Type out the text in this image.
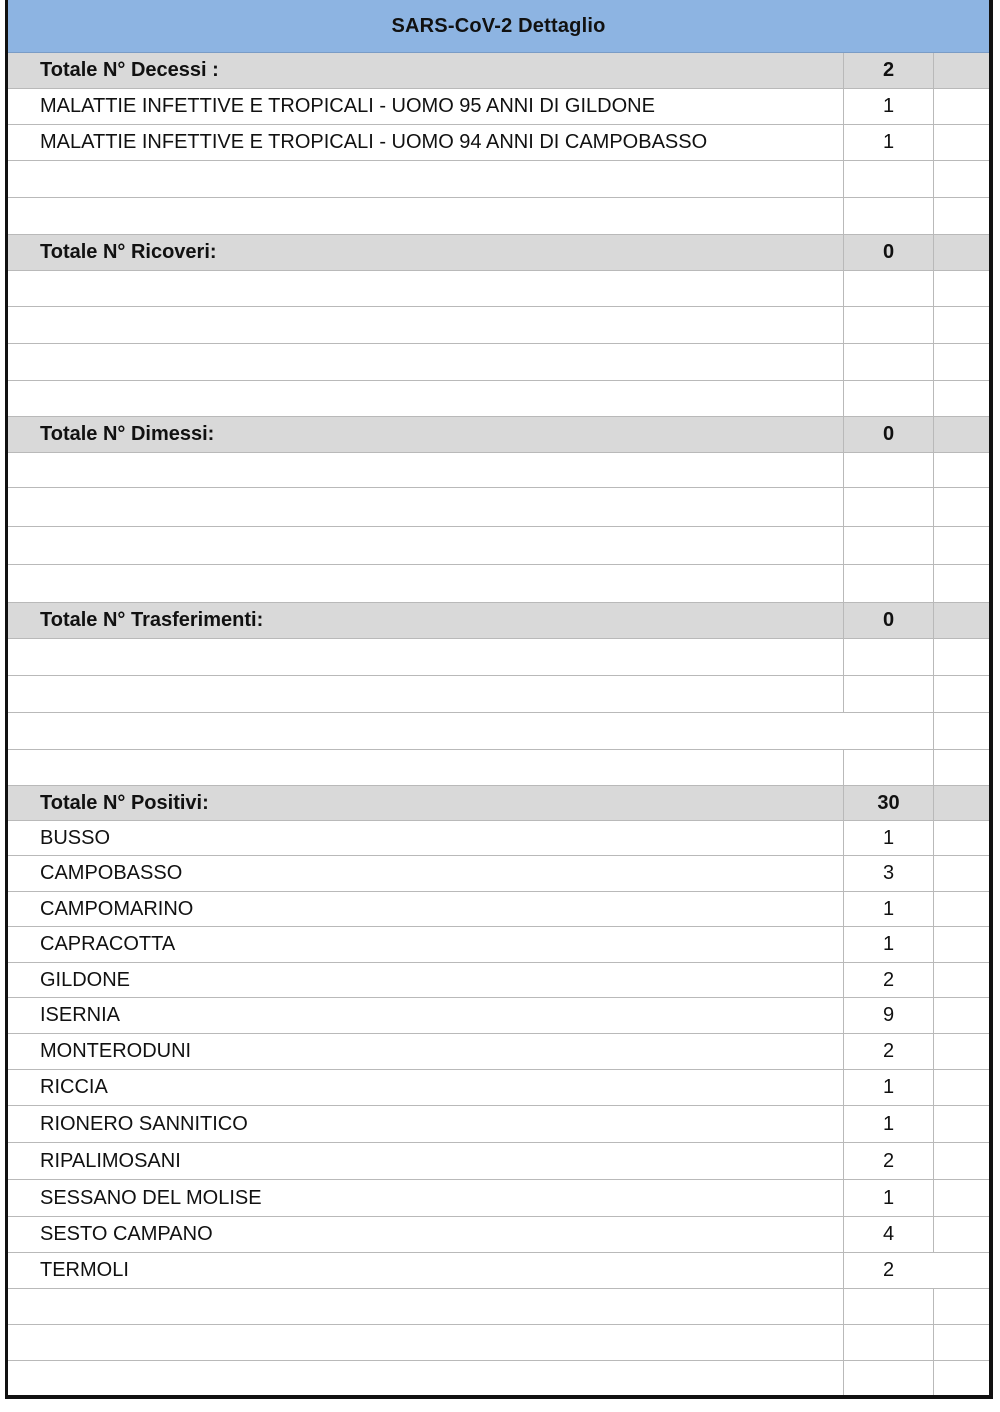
SARS-CoV-2 Dettaglio
Totale N° Decessi :	2
MALATTIE INFETTIVE E TROPICALI - UOMO 95 ANNI DI GILDONE	1
MALATTIE INFETTIVE E TROPICALI - UOMO 94 ANNI DI CAMPOBASSO	1
Totale N° Ricoveri:	0
Totale N° Dimessi:	0
Totale N° Trasferimenti:	0
Totale N° Positivi:	30
BUSSO	1
CAMPOBASSO	3
CAMPOMARINO	1
CAPRACOTTA	1
GILDONE	2
ISERNIA	9
MONTERODUNI	2
RICCIA	1
RIONERO SANNITICO	1
RIPALIMOSANI	2
SESSANO DEL MOLISE	1
SESTO CAMPANO	4
TERMOLI	2
